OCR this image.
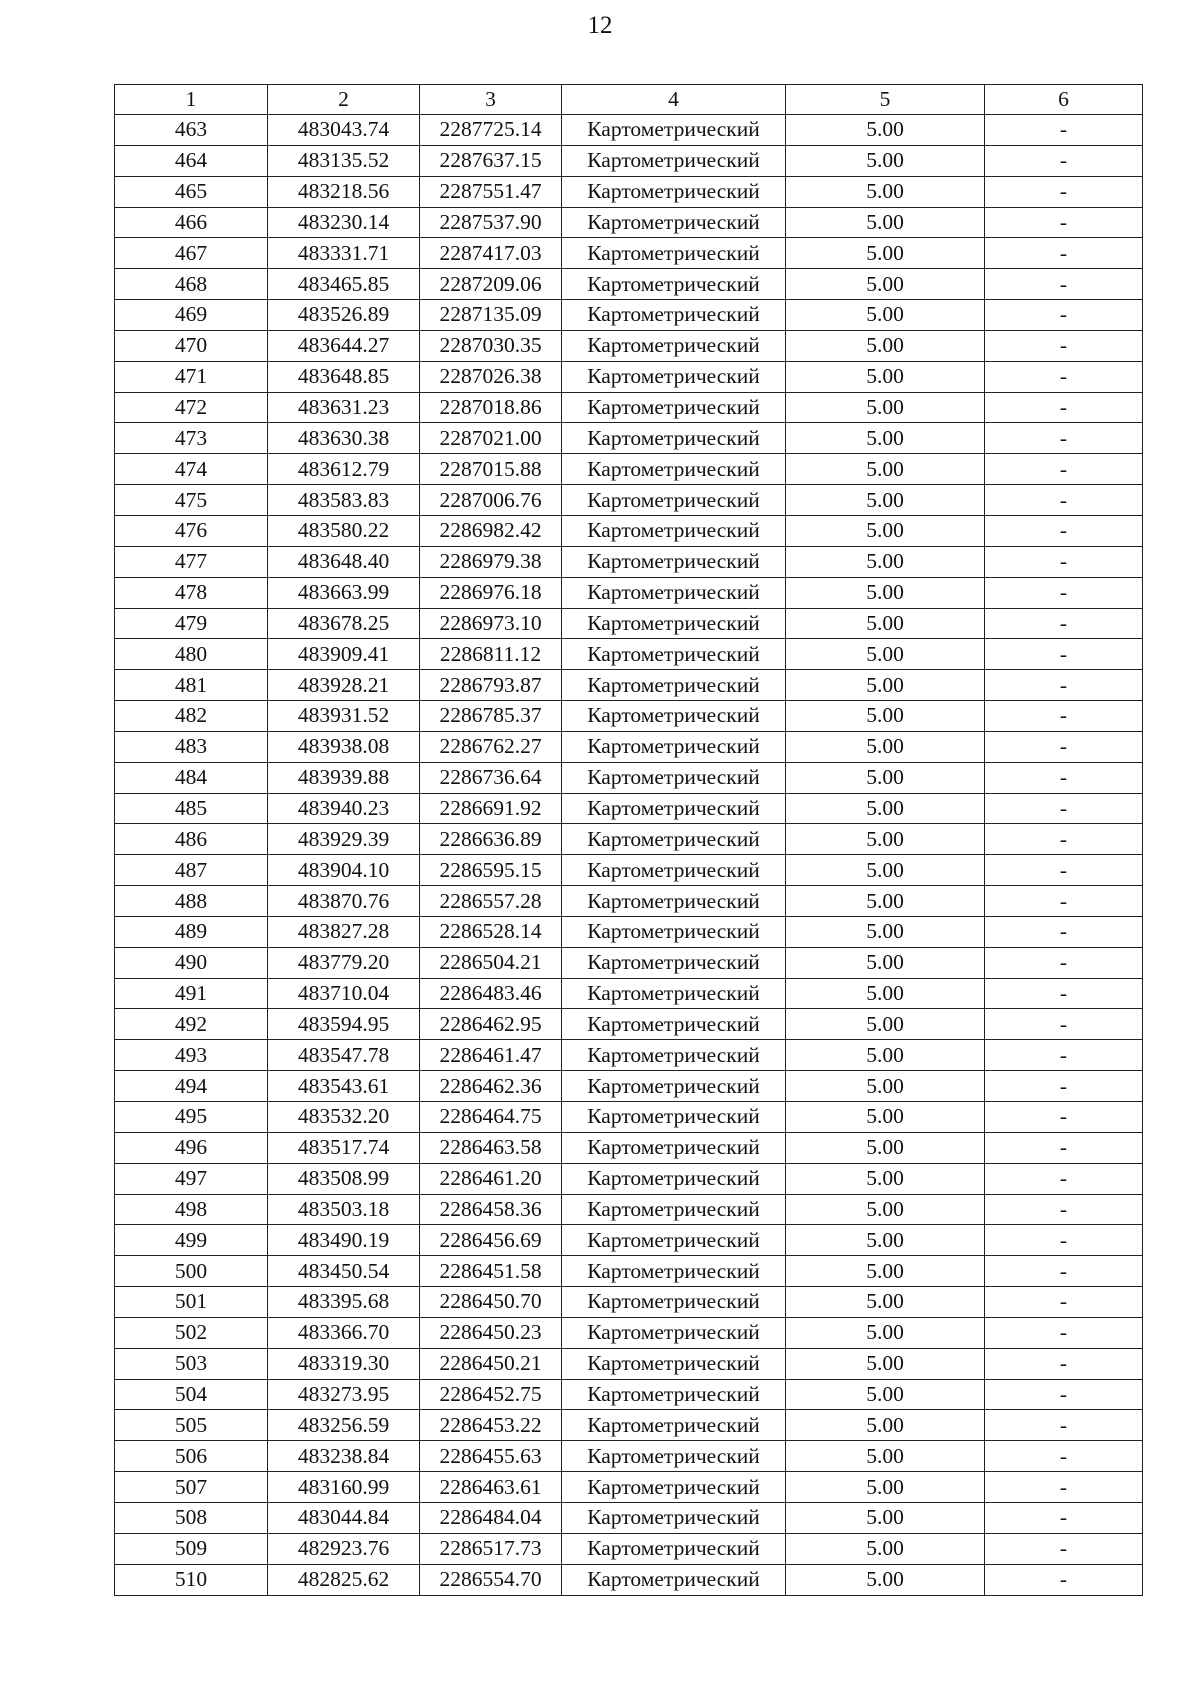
12
1	2	3	4	5	6
463	483043.74	2287725.14	Картометрический	5.00	-
464	483135.52	2287637.15	Картометрический	5.00	-
465	483218.56	2287551.47	Картометрический	5.00	-
466	483230.14	2287537.90	Картометрический	5.00	-
467	483331.71	2287417.03	Картометрический	5.00	-
468	483465.85	2287209.06	Картометрический	5.00	-
469	483526.89	2287135.09	Картометрический	5.00	-
470	483644.27	2287030.35	Картометрический	5.00	-
471	483648.85	2287026.38	Картометрический	5.00	-
472	483631.23	2287018.86	Картометрический	5.00	-
473	483630.38	2287021.00	Картометрический	5.00	-
474	483612.79	2287015.88	Картометрический	5.00	-
475	483583.83	2287006.76	Картометрический	5.00	-
476	483580.22	2286982.42	Картометрический	5.00	-
477	483648.40	2286979.38	Картометрический	5.00	-
478	483663.99	2286976.18	Картометрический	5.00	-
479	483678.25	2286973.10	Картометрический	5.00	-
480	483909.41	2286811.12	Картометрический	5.00	-
481	483928.21	2286793.87	Картометрический	5.00	-
482	483931.52	2286785.37	Картометрический	5.00	-
483	483938.08	2286762.27	Картометрический	5.00	-
484	483939.88	2286736.64	Картометрический	5.00	-
485	483940.23	2286691.92	Картометрический	5.00	-
486	483929.39	2286636.89	Картометрический	5.00	-
487	483904.10	2286595.15	Картометрический	5.00	-
488	483870.76	2286557.28	Картометрический	5.00	-
489	483827.28	2286528.14	Картометрический	5.00	-
490	483779.20	2286504.21	Картометрический	5.00	-
491	483710.04	2286483.46	Картометрический	5.00	-
492	483594.95	2286462.95	Картометрический	5.00	-
493	483547.78	2286461.47	Картометрический	5.00	-
494	483543.61	2286462.36	Картометрический	5.00	-
495	483532.20	2286464.75	Картометрический	5.00	-
496	483517.74	2286463.58	Картометрический	5.00	-
497	483508.99	2286461.20	Картометрический	5.00	-
498	483503.18	2286458.36	Картометрический	5.00	-
499	483490.19	2286456.69	Картометрический	5.00	-
500	483450.54	2286451.58	Картометрический	5.00	-
501	483395.68	2286450.70	Картометрический	5.00	-
502	483366.70	2286450.23	Картометрический	5.00	-
503	483319.30	2286450.21	Картометрический	5.00	-
504	483273.95	2286452.75	Картометрический	5.00	-
505	483256.59	2286453.22	Картометрический	5.00	-
506	483238.84	2286455.63	Картометрический	5.00	-
507	483160.99	2286463.61	Картометрический	5.00	-
508	483044.84	2286484.04	Картометрический	5.00	-
509	482923.76	2286517.73	Картометрический	5.00	-
510	482825.62	2286554.70	Картометрический	5.00	-
